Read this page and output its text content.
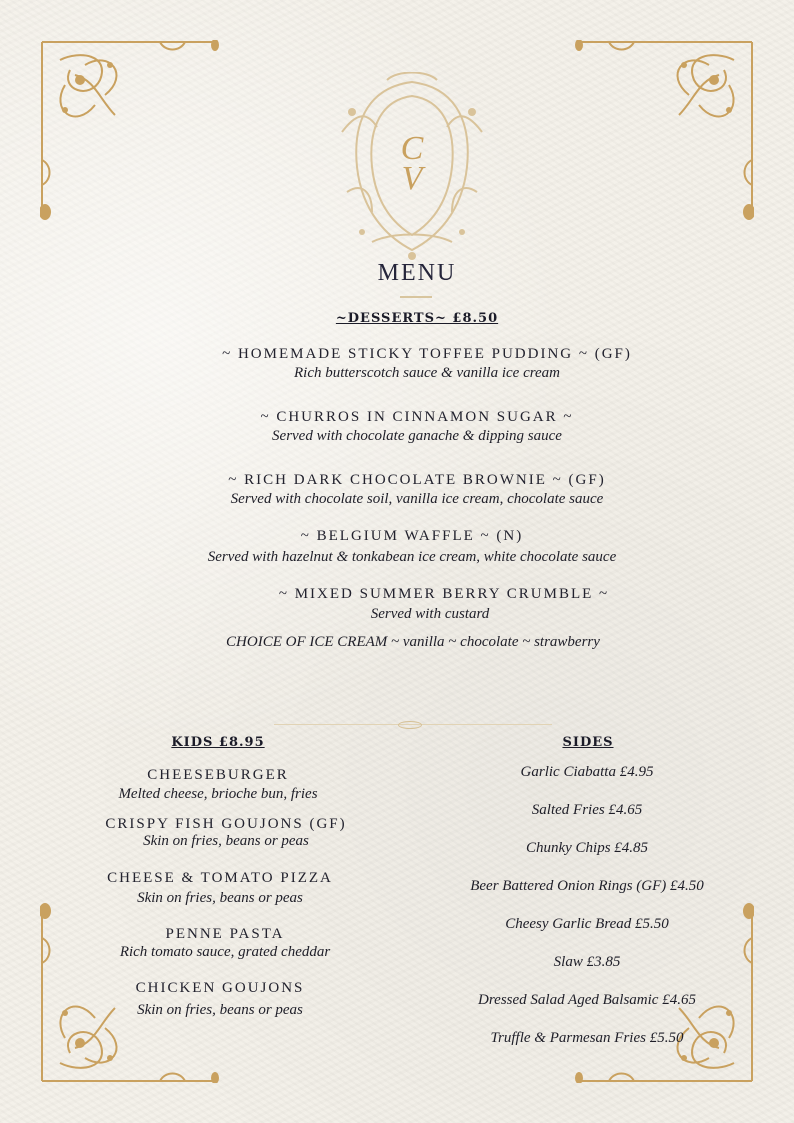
C
V
MENU
~DESSERTS~ £8.50
~ HOMEMADE STICKY TOFFEE PUDDING ~ (GF)
Rich butterscotch sauce & vanilla ice cream
~ CHURROS IN CINNAMON SUGAR ~
Served with chocolate ganache & dipping sauce
~ RICH DARK CHOCOLATE BROWNIE ~ (GF)
Served with chocolate soil, vanilla ice cream, chocolate sauce
~ BELGIUM WAFFLE ~ (N)
Served with hazelnut & tonkabean ice cream, white chocolate sauce
~ MIXED SUMMER BERRY CRUMBLE ~
Served with custard
CHOICE OF ICE CREAM ~ vanilla ~ chocolate ~ strawberry
KIDS £8.95
CHEESEBURGER
Melted cheese, brioche bun, fries
CRISPY FISH GOUJONS (GF)
Skin on fries, beans or peas
CHEESE & TOMATO PIZZA
Skin on fries, beans or peas
PENNE PASTA
Rich tomato sauce, grated cheddar
CHICKEN GOUJONS
Skin on fries, beans or peas
SIDES
Garlic Ciabatta £4.95
Salted Fries £4.65
Chunky Chips £4.85
Beer Battered Onion Rings (GF) £4.50
Cheesy Garlic Bread £5.50
Slaw £3.85
Dressed Salad Aged Balsamic £4.65
Truffle & Parmesan Fries £5.50
